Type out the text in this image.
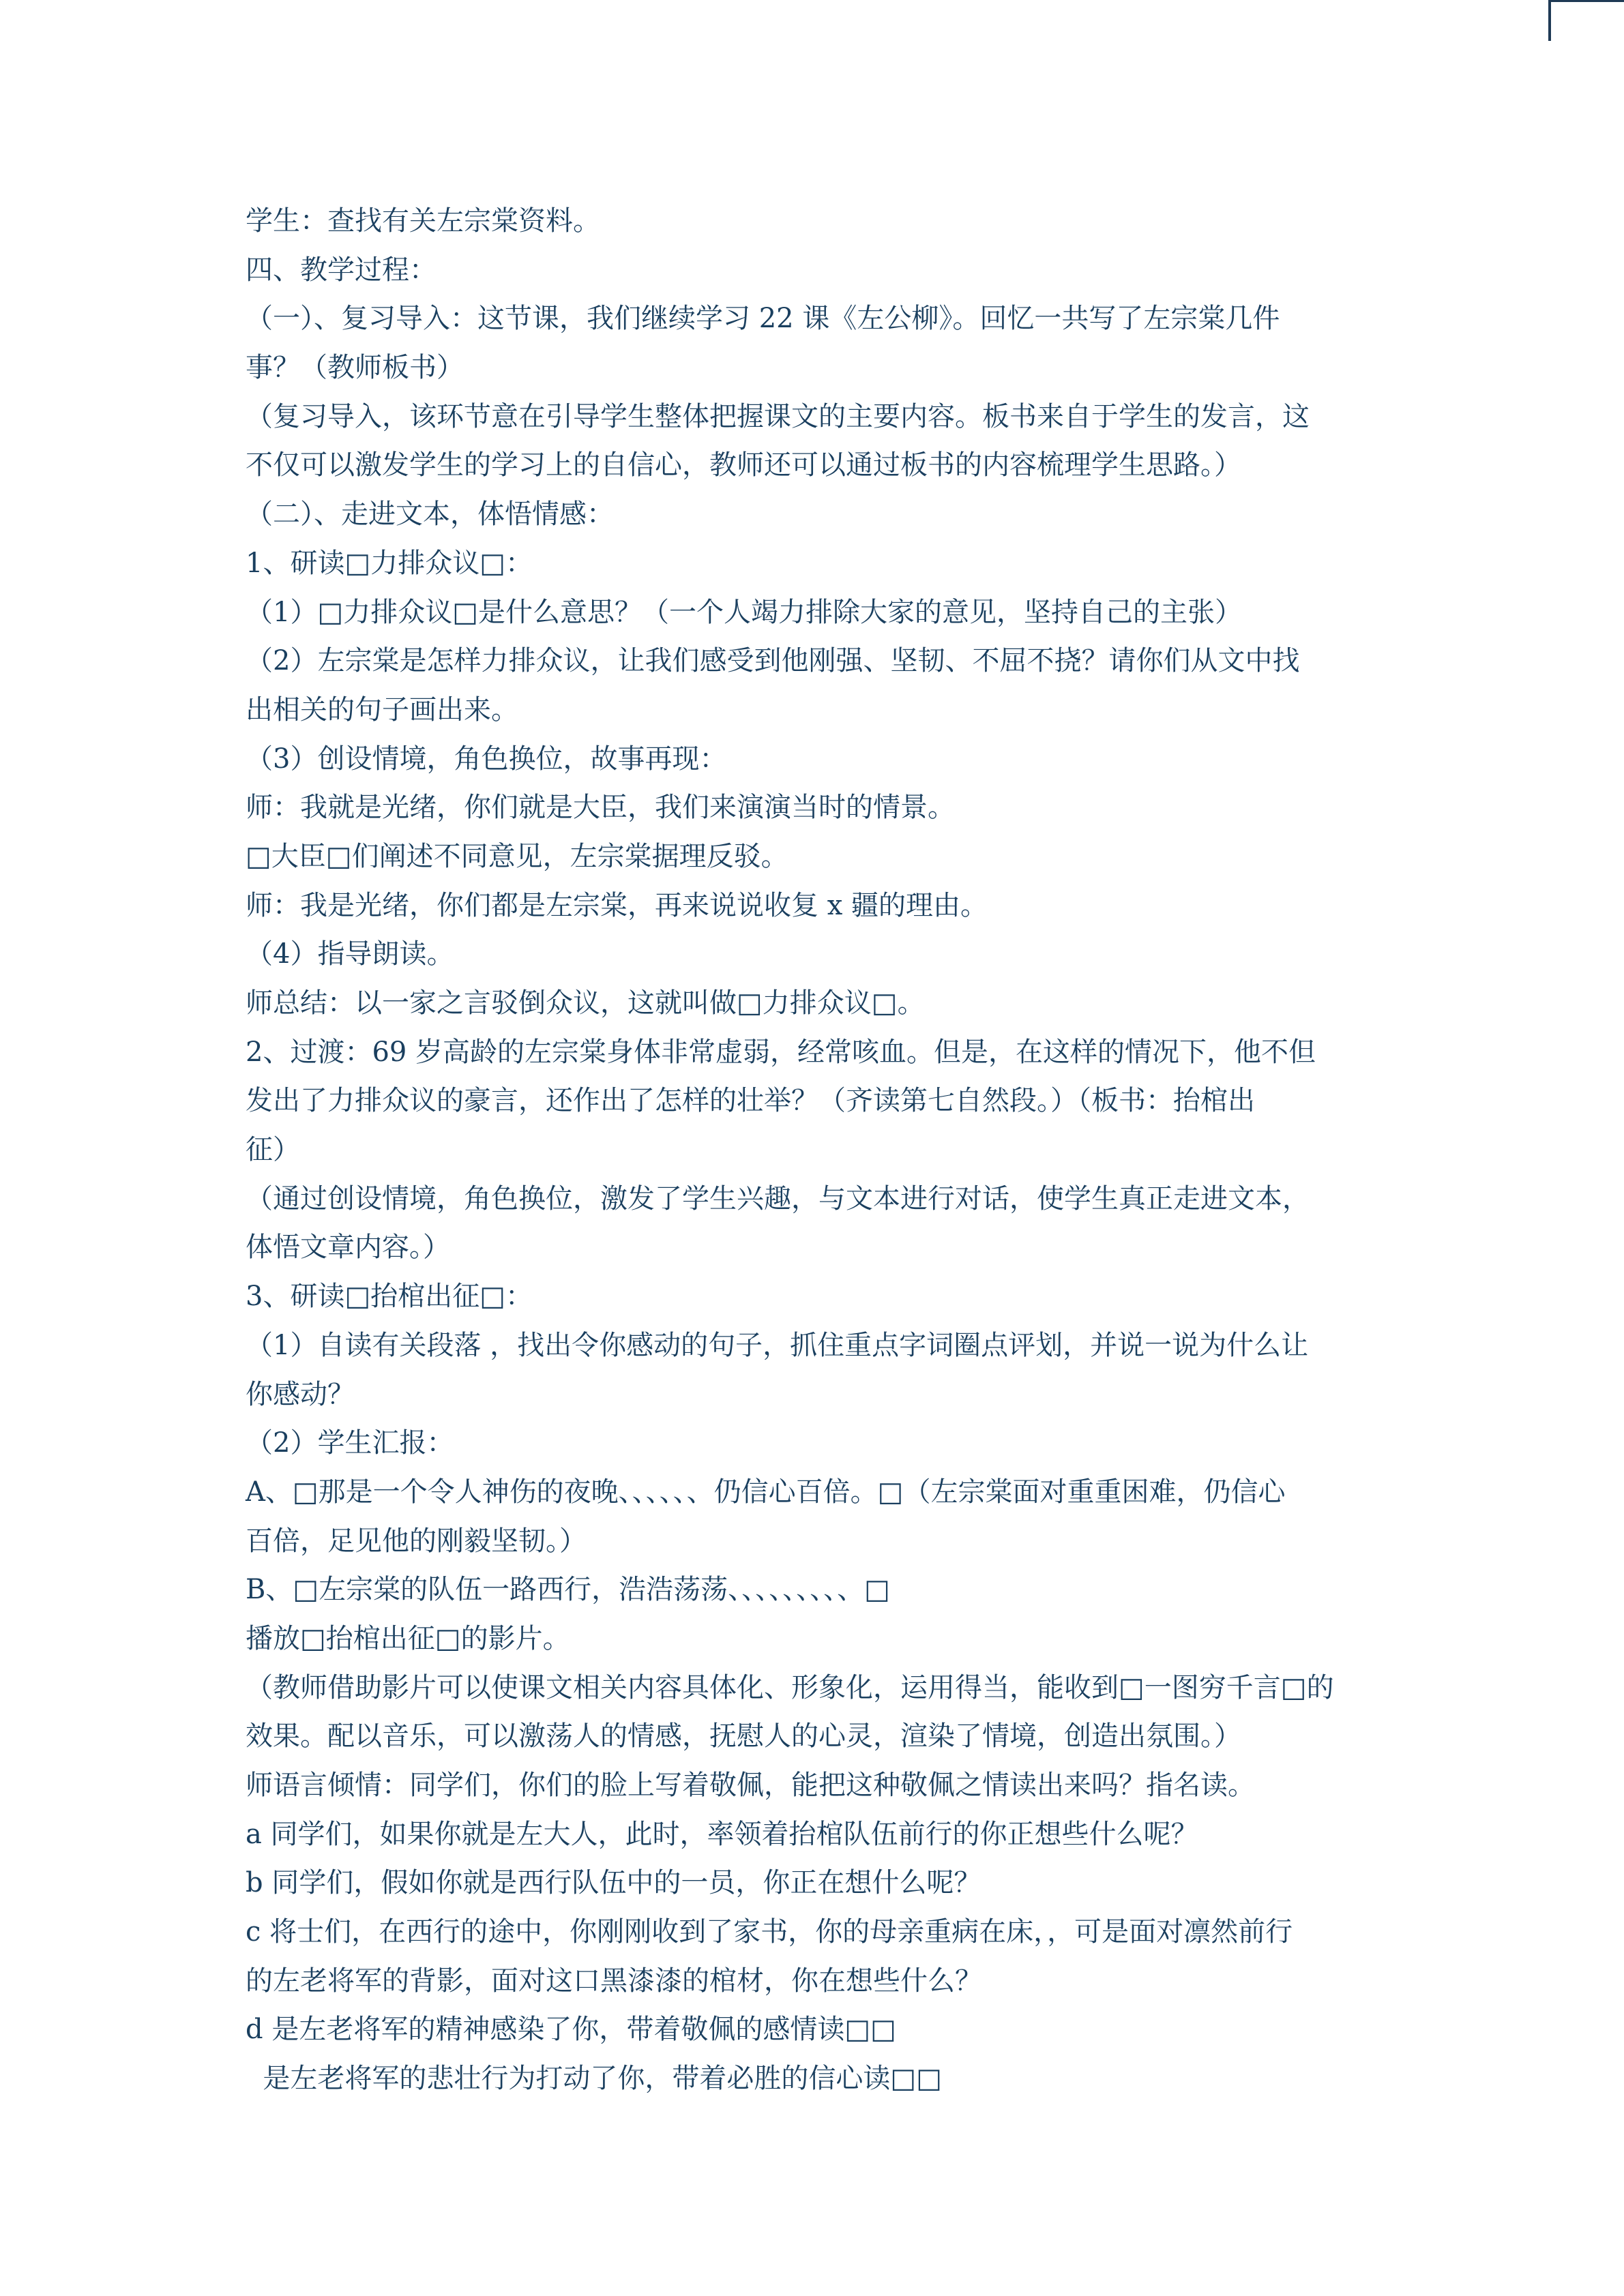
学生：查找有关左宗棠资料。
四、教学过程：
（一）、复习导入：这节课，我们继续学习 22 课《左公柳》。回忆一共写了左宗棠几件
事？（教师板书）
（复习导入，该环节意在引导学生整体把握课文的主要内容。板书来自于学生的发言，这
不仅可以激发学生的学习上的自信心，教师还可以通过板书的内容梳理学生思路。）
（二）、走进文本，体悟情感：
1、研读□力排众议□：
（1）□力排众议□是什么意思？（一个人竭力排除大家的意见，坚持自己的主张）
（2）左宗棠是怎样力排众议，让我们感受到他刚强、坚韧、不屈不挠？请你们从文中找
出相关的句子画出来。
（3）创设情境，角色换位，故事再现：
师：我就是光绪，你们就是大臣，我们来演演当时的情景。
□大臣□们阐述不同意见，左宗棠据理反驳。
师：我是光绪，你们都是左宗棠，再来说说收复 x 疆的理由。
（4）指导朗读。
师总结：以一家之言驳倒众议，这就叫做□力排众议□。
2、过渡：69 岁高龄的左宗棠身体非常虚弱，经常咳血。但是，在这样的情况下，他不但
发出了力排众议的豪言，还作出了怎样的壮举？（齐读第七自然段。）（板书：抬棺出
征）
（通过创设情境，角色换位，激发了学生兴趣，与文本进行对话，使学生真正走进文本，
体悟文章内容。）
3、研读□抬棺出征□：
（1）自读有关段落 ，找出令你感动的句子，抓住重点字词圈点评划，并说一说为什么让
你感动？
（2）学生汇报：
A、□那是一个令人神伤的夜晚、、、、、、仍信心百倍。□（左宗棠面对重重困难，仍信心
百倍，足见他的刚毅坚韧。）
B、□左宗棠的队伍一路西行，浩浩荡荡、、、、、、、、、□
播放□抬棺出征□的影片。
（教师借助影片可以使课文相关内容具体化、形象化，运用得当，能收到□一图穷千言□的
效果。配以音乐，可以激荡人的情感，抚慰人的心灵，渲染了情境，创造出氛围。）
师语言倾情：同学们，你们的脸上写着敬佩，能把这种敬佩之情读出来吗？指名读。
a 同学们，如果你就是左大人，此时，率领着抬棺队伍前行的你正想些什么呢？
b 同学们，假如你就是西行队伍中的一员，你正在想什么呢？
c 将士们，在西行的途中，你刚刚收到了家书，你的母亲重病在床，，可是面对凛然前行
的左老将军的背影，面对这口黑漆漆的棺材，你在想些什么？
d 是左老将军的精神感染了你，带着敬佩的感情读□□
是左老将军的悲壮行为打动了你，带着必胜的信心读□□
